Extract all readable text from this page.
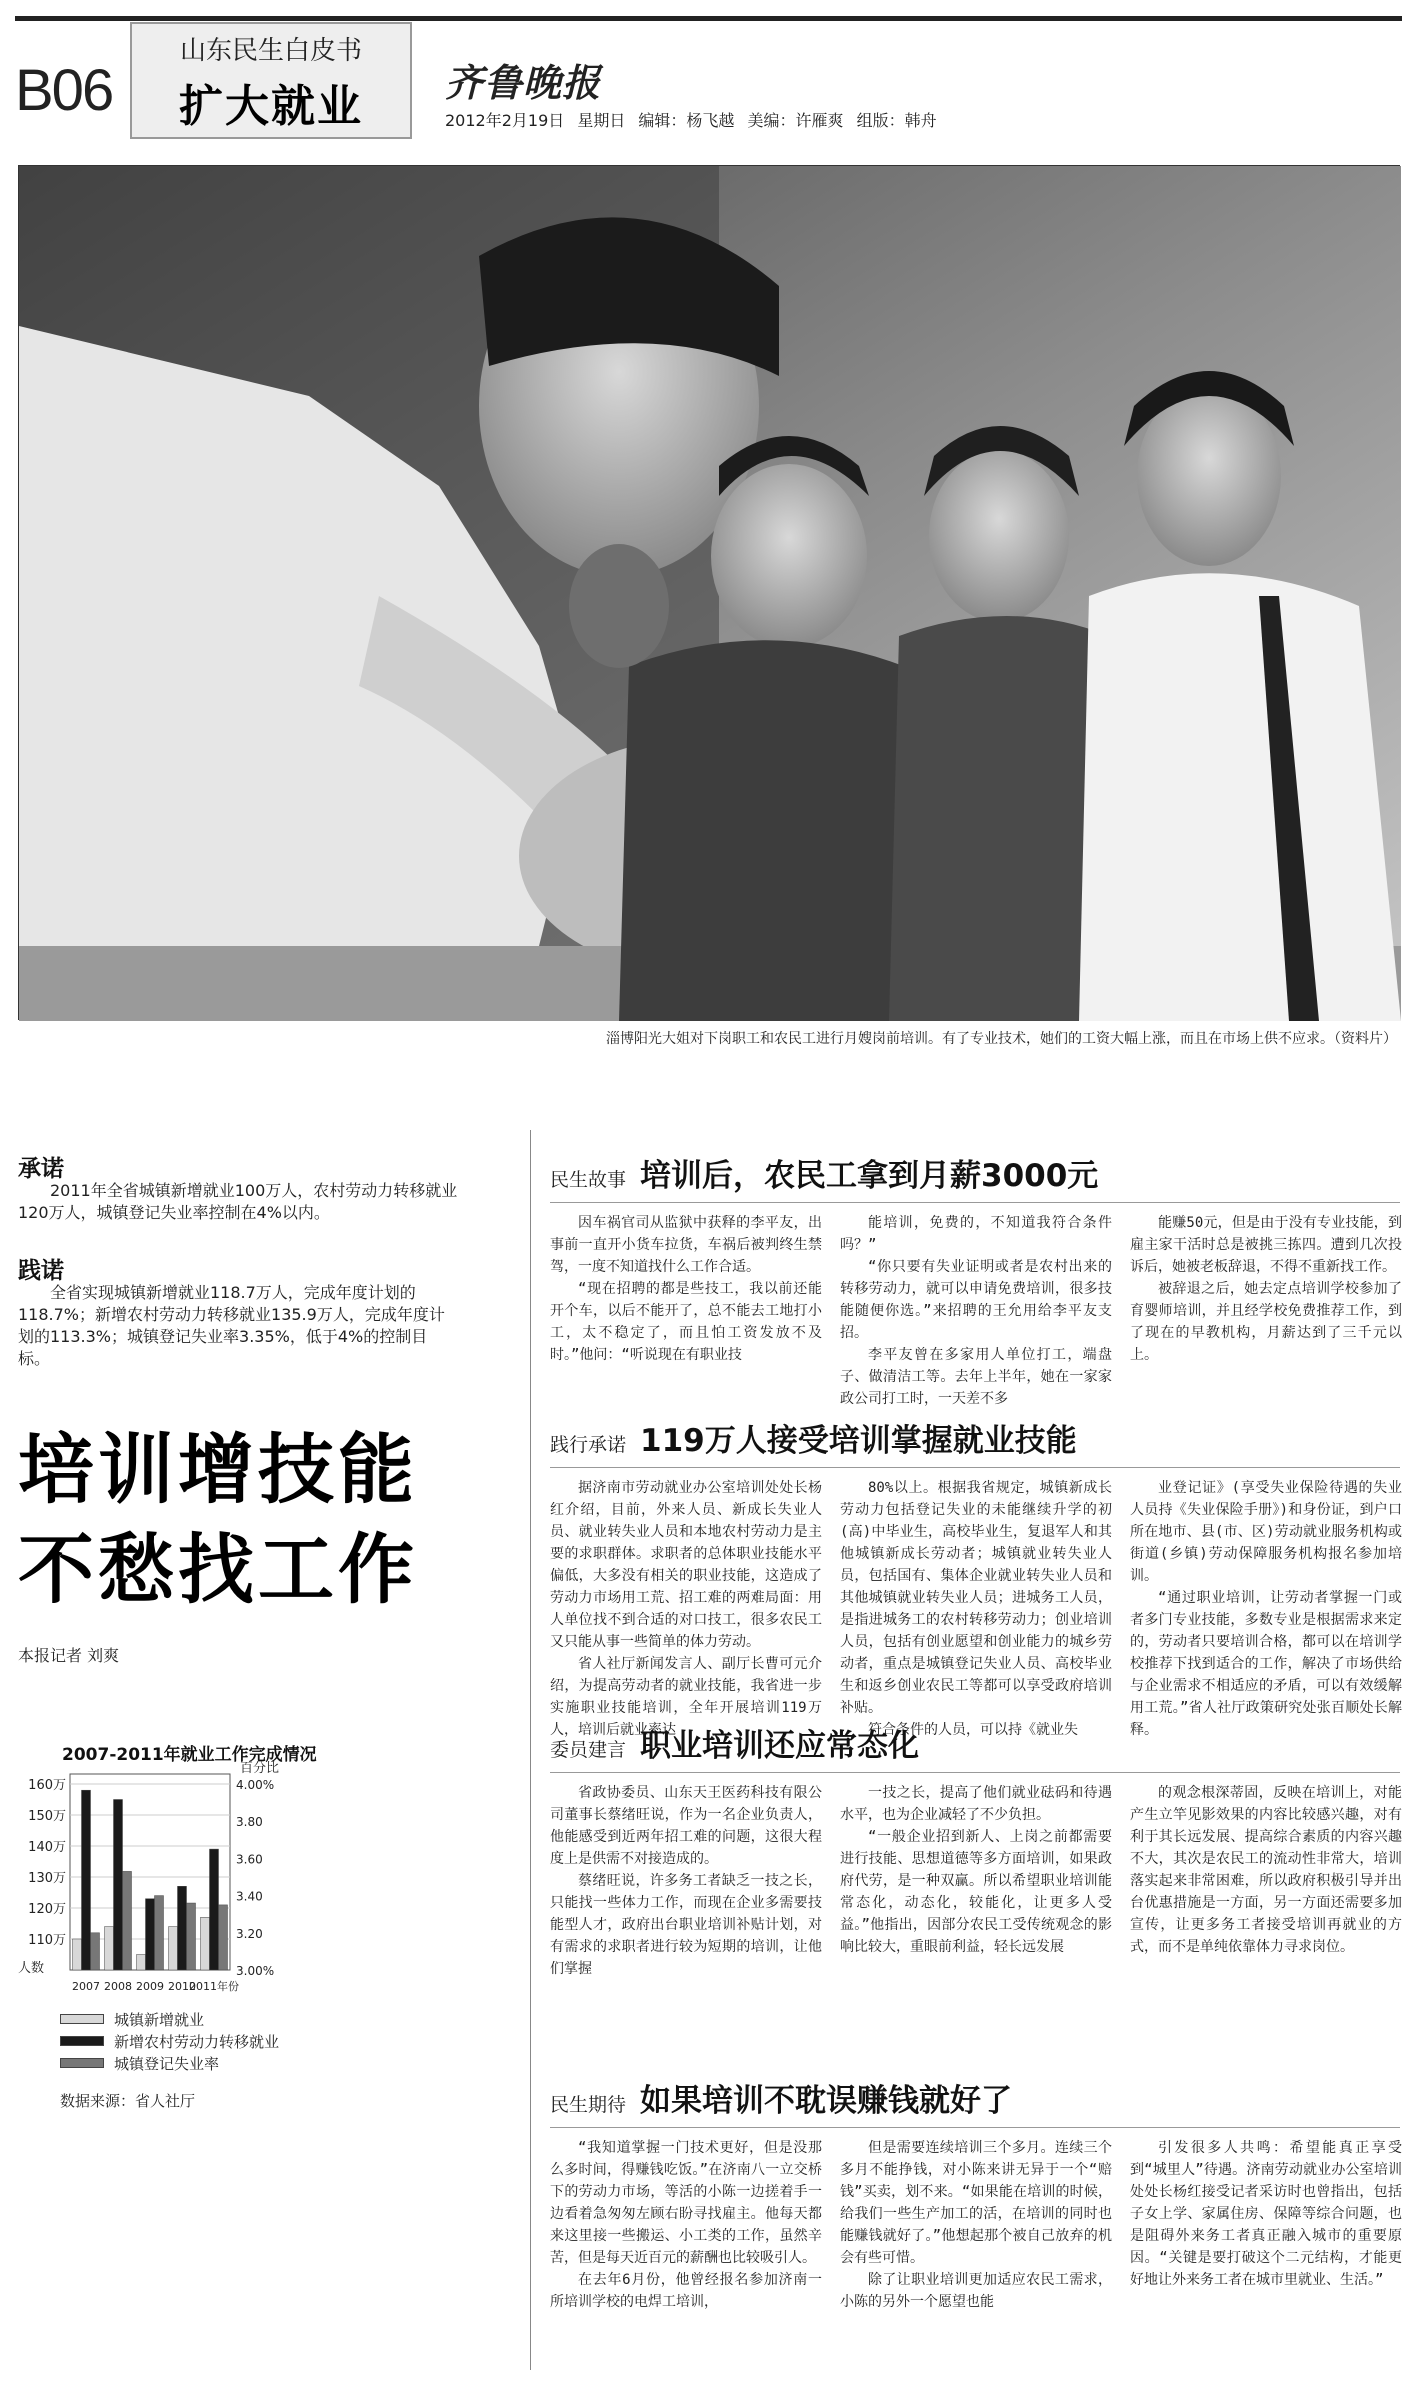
B06
山东民生白皮书
扩大就业	齐鲁晚报
2012年2月19日 星期日 编辑：杨飞越 美编：许雁爽 组版：韩舟
淄博阳光大姐对下岗职工和农民工进行月嫂岗前培训。有了专业技术，她们的工资大幅上涨，而且在市场上供不应求。（资料片）
承诺
2011年全省城镇新增就业100万人，农村劳动力转移就业120万人，城镇登记失业率控制在4%以内。
践诺
全省实现城镇新增就业118.7万人，完成年度计划的118.7%；新增农村劳动力转移就业135.9万人，完成年度计划的113.3%；城镇登记失业率3.35%，低于4%的控制目标。
培训增技能
不愁找工作
本报记者 刘爽
2007-2011年就业工作完成情况
160万
150万
140万
130万
120万
110万
4.00%
3.80
3.60
3.40
3.20
3.00%
人数
百分比
2007 2008 2009 2010
2011年份
城镇新增就业
新增农村劳动力转移就业
城镇登记失业率
数据来源：省人社厅
民生故事 培训后，农民工拿到月薪3000元

因车祸官司从监狱中获释的李平友，出事前一直开小货车拉货，车祸后被判终生禁驾，一度不知道找什么工作合适。

“现在招聘的都是些技工，我以前还能开个车，以后不能开了，总不能去工地打小工，太不稳定了，而且怕工资发放不及时。”他问：“听说现在有职业技

能培训，免费的，不知道我符合条件吗？”

“你只要有失业证明或者是农村出来的转移劳动力，就可以申请免费培训，很多技能随便你选。”来招聘的王允用给李平友支招。

李平友曾在多家用人单位打工，端盘子、做清洁工等。去年上半年，她在一家家政公司打工时，一天差不多

能赚50元，但是由于没有专业技能，到雇主家干活时总是被挑三拣四。遭到几次投诉后，她被老板辞退，不得不重新找工作。

被辞退之后，她去定点培训学校参加了育婴师培训，并且经学校免费推荐工作，到了现在的早教机构，月薪达到了三千元以上。

践行承诺 119万人接受培训掌握就业技能

据济南市劳动就业办公室培训处处长杨红介绍，目前，外来人员、新成长失业人员、就业转失业人员和本地农村劳动力是主要的求职群体。求职者的总体职业技能水平偏低，大多没有相关的职业技能，这造成了劳动力市场用工荒、招工难的两难局面：用人单位找不到合适的对口技工，很多农民工又只能从事一些简单的体力劳动。

省人社厅新闻发言人、副厅长曹可元介绍，为提高劳动者的就业技能，我省进一步实施职业技能培训，全年开展培训119万人，培训后就业率达

80%以上。根据我省规定，城镇新成长劳动力包括登记失业的未能继续升学的初(高)中毕业生，高校毕业生，复退军人和其他城镇新成长劳动者；城镇就业转失业人员，包括国有、集体企业就业转失业人员和其他城镇就业转失业人员；进城务工人员，是指进城务工的农村转移劳动力；创业培训人员，包括有创业愿望和创业能力的城乡劳动者，重点是城镇登记失业人员、高校毕业生和返乡创业农民工等都可以享受政府培训补贴。

符合条件的人员，可以持《就业失

业登记证》(享受失业保险待遇的失业人员持《失业保险手册》)和身份证，到户口所在地市、县(市、区)劳动就业服务机构或街道(乡镇)劳动保障服务机构报名参加培训。

“通过职业培训，让劳动者掌握一门或者多门专业技能，多数专业是根据需求来定的，劳动者只要培训合格，都可以在培训学校推荐下找到适合的工作，解决了市场供给与企业需求不相适应的矛盾，可以有效缓解用工荒。”省人社厅政策研究处张百顺处长解释。

委员建言 职业培训还应常态化

省政协委员、山东天王医药科技有限公司董事长蔡绪旺说，作为一名企业负责人，他能感受到近两年招工难的问题，这很大程度上是供需不对接造成的。

蔡绪旺说，许多务工者缺乏一技之长，只能找一些体力工作，而现在企业多需要技能型人才，政府出台职业培训补贴计划，对有需求的求职者进行较为短期的培训，让他们掌握

一技之长，提高了他们就业砝码和待遇水平，也为企业减轻了不少负担。

“一般企业招到新人、上岗之前都需要进行技能、思想道德等多方面培训，如果政府代劳，是一种双赢。所以希望职业培训能常态化，动态化，较能化，让更多人受益。”他指出，因部分农民工受传统观念的影响比较大，重眼前利益，轻长远发展

的观念根深蒂固，反映在培训上，对能产生立竿见影效果的内容比较感兴趣，对有利于其长远发展、提高综合素质的内容兴趣不大，其次是农民工的流动性非常大，培训落实起来非常困难，所以政府积极引导并出台优惠措施是一方面，另一方面还需要多加宣传，让更多务工者接受培训再就业的方式，而不是单纯依靠体力寻求岗位。

民生期待 如果培训不耽误赚钱就好了

“我知道掌握一门技术更好，但是没那么多时间，得赚钱吃饭。”在济南八一立交桥下的劳动力市场，等活的小陈一边搓着手一边看着急匆匆左顾右盼寻找雇主。他每天都来这里接一些搬运、小工类的工作，虽然辛苦，但是每天近百元的薪酬也比较吸引人。

在去年6月份，他曾经报名参加济南一所培训学校的电焊工培训，

但是需要连续培训三个多月。连续三个多月不能挣钱，对小陈来讲无异于一个“赔钱”买卖，划不来。“如果能在培训的时候，给我们一些生产加工的活，在培训的同时也能赚钱就好了。”他想起那个被自己放弃的机会有些可惜。

除了让职业培训更加适应农民工需求，小陈的另外一个愿望也能

引发很多人共鸣：希望能真正享受到“城里人”待遇。济南劳动就业办公室培训处处长杨红接受记者采访时也曾指出，包括子女上学、家属住房、保障等综合问题，也是阻碍外来务工者真正融入城市的重要原因。“关键是要打破这个二元结构，才能更好地让外来务工者在城市里就业、生活。”
